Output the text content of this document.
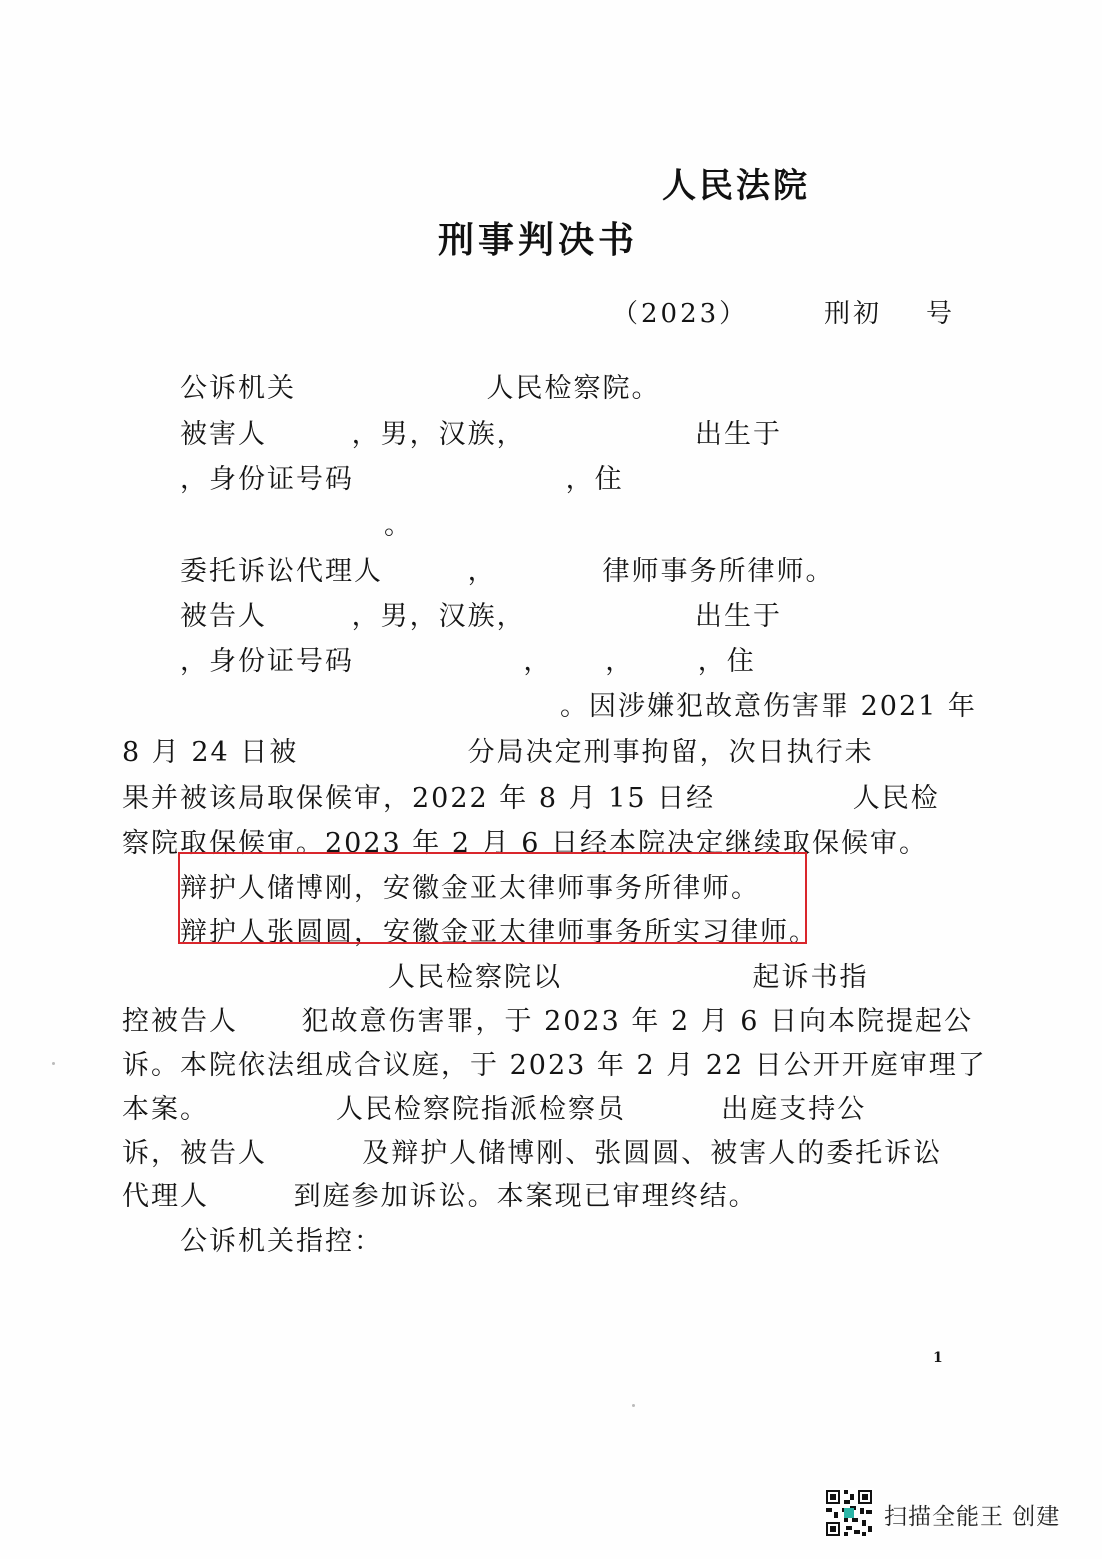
人民法院
刑事判决书
（2023）	刑初 号
公诉机关                  人民检察院。
被害人        ，男，汉族，                出生于
，身份证号码                    ，住
。
委托诉讼代理人        ，          律师事务所律师。
被告人        ，男，汉族，                出生于
，身份证号码                ，     ，      ，住
。因涉嫌犯故意伤害罪 2021 年
8 月 24 日被                分局决定刑事拘留，次日执行未
果并被该局取保候审，2022 年 8 月 15 日经             人民检
察院取保候审。2023 年 2 月 6 日经本院决定继续取保候审。
辩护人储博刚，安徽金亚太律师事务所律师。
辩护人张圆圆，安徽金亚太律师事务所实习律师。
人民检察院以                  起诉书指
控被告人      犯故意伤害罪，于 2023 年 2 月 6 日向本院提起公
诉。本院依法组成合议庭，于 2023 年 2 月 22 日公开开庭审理了
本案。            人民检察院指派检察员         出庭支持公
诉，被告人         及辩护人储博刚、张圆圆、被害人的委托诉讼
代理人        到庭参加诉讼。本案现已审理终结。
公诉机关指控：
1
扫描全能王 创建
